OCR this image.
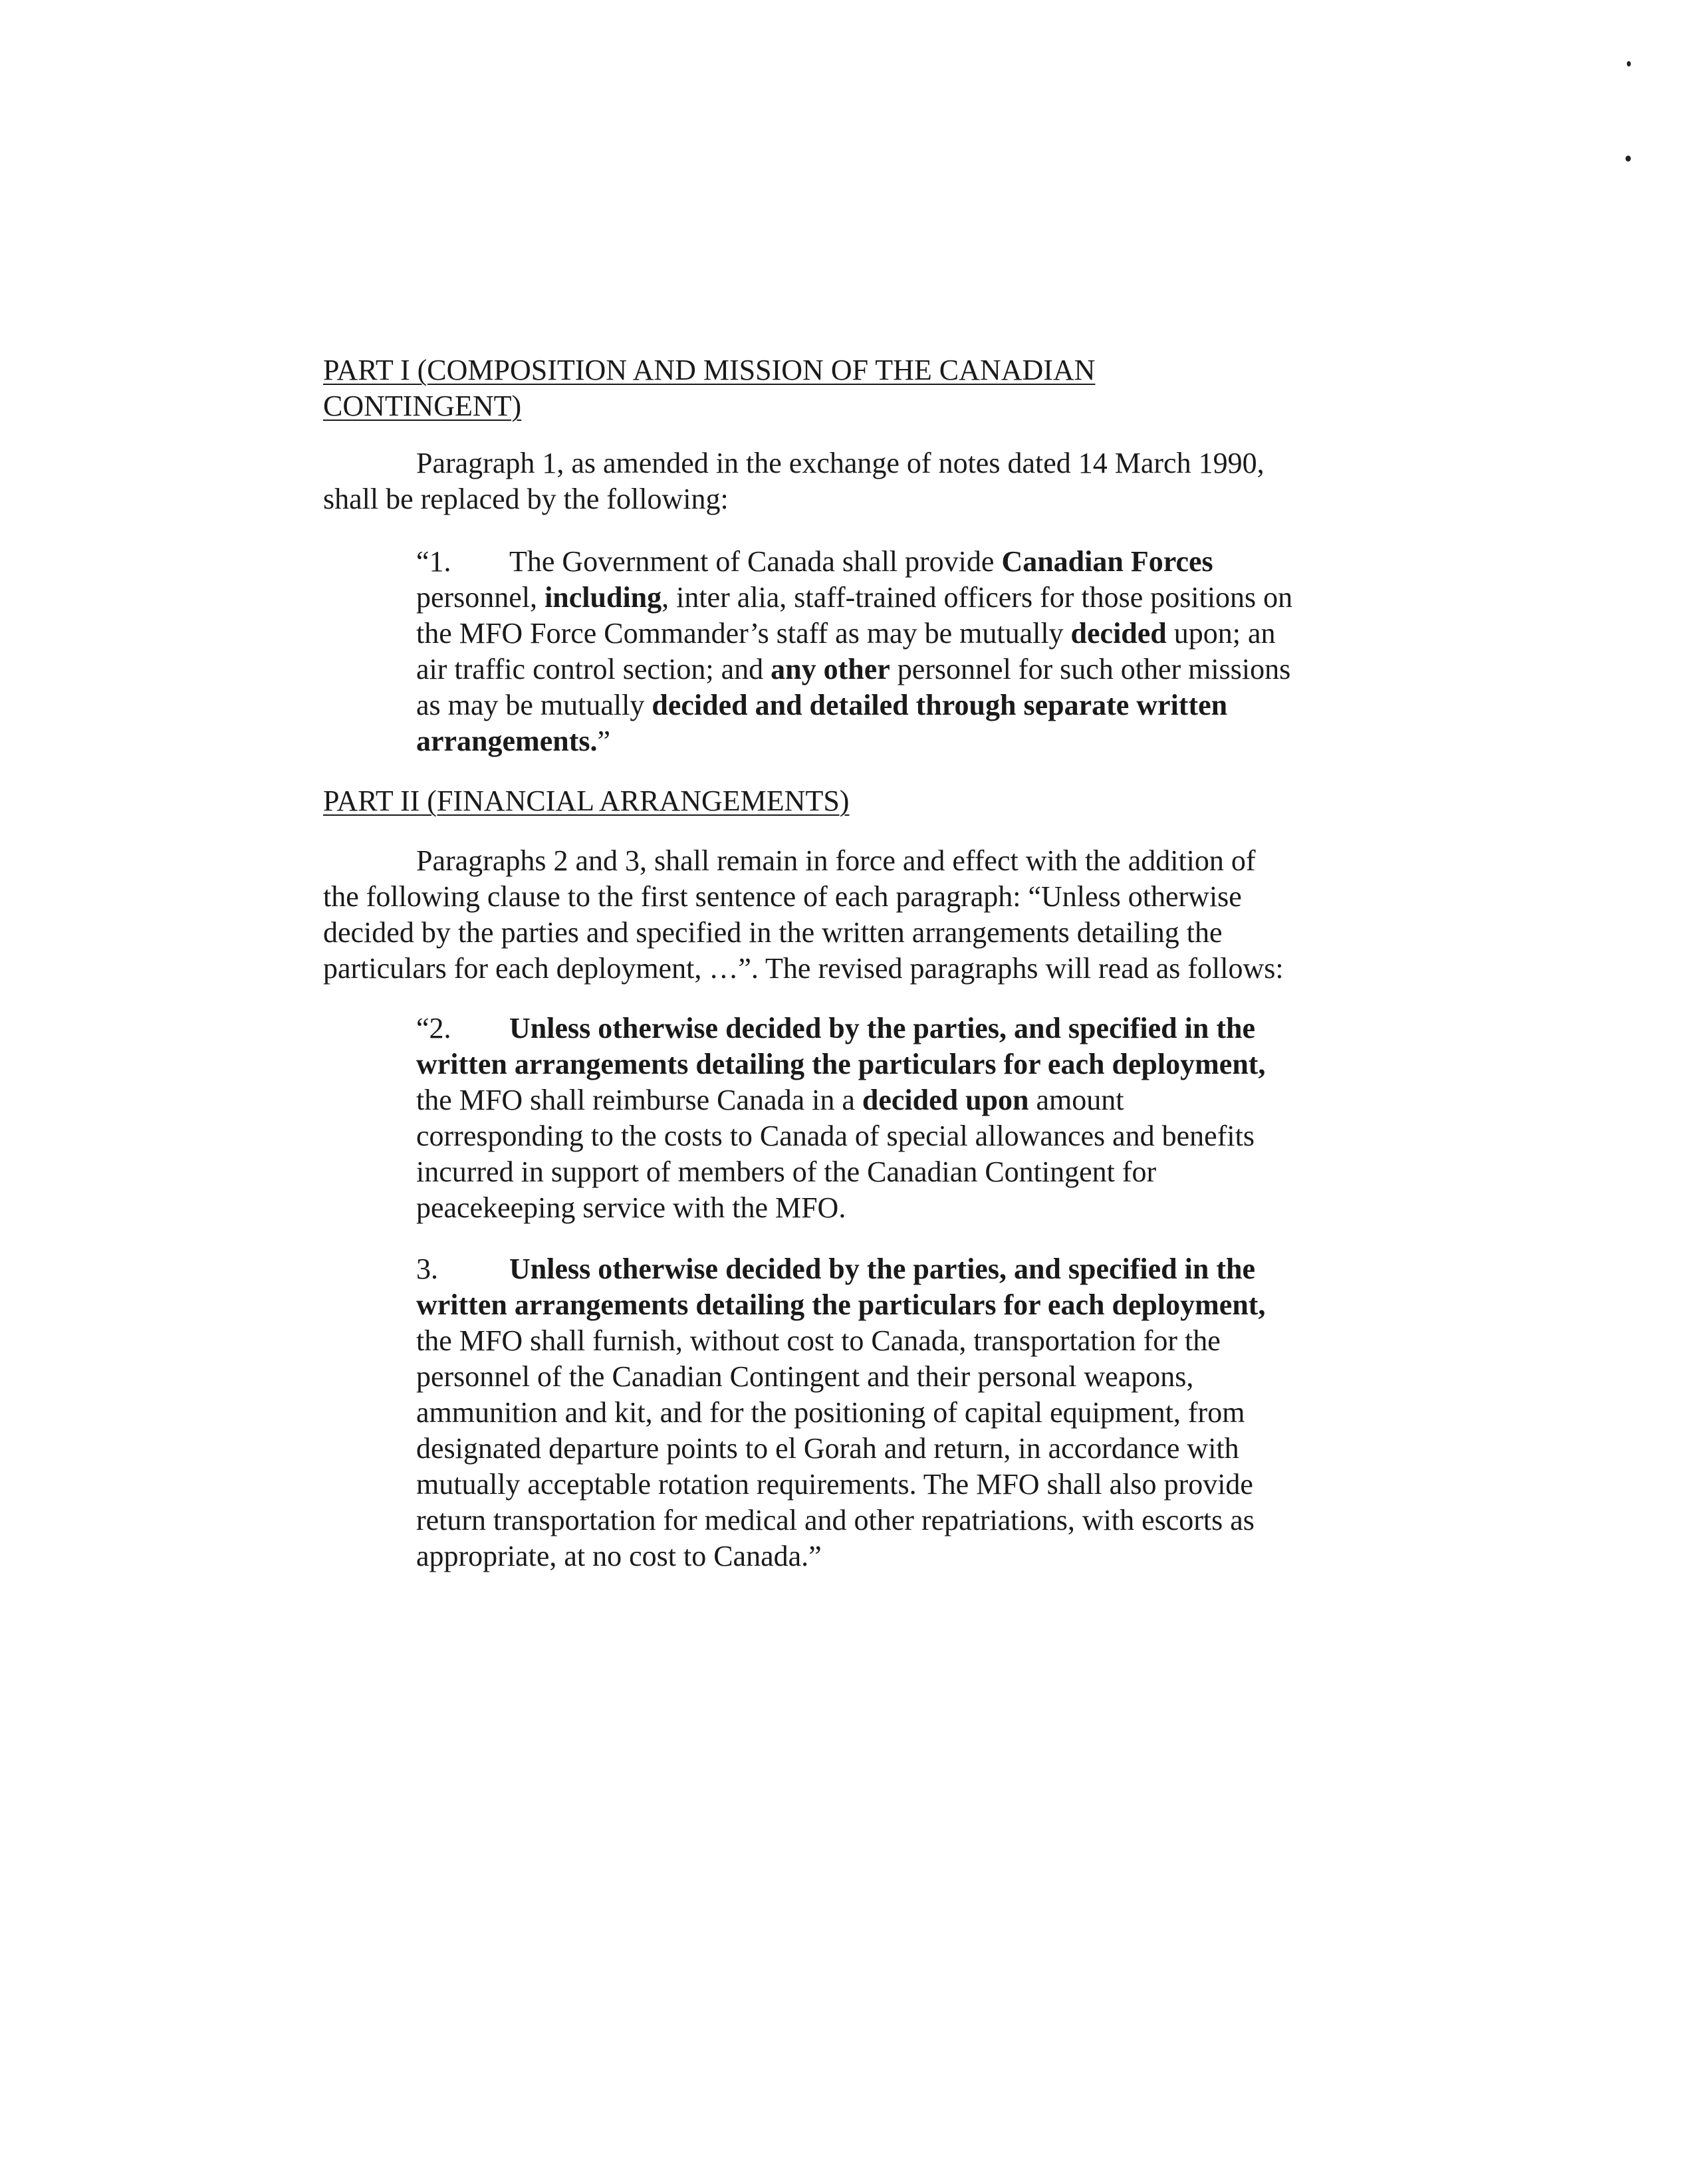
PART I (COMPOSITION AND MISSION OF THE CANADIAN
CONTINGENT)

Paragraph 1, as amended in the exchange of notes dated 14 March 1990,
shall be replaced by the following:

“1. The Government of Canada shall provide Canadian Forces
personnel, including, inter alia, staff-trained officers for those positions on
the MFO Force Commander’s staff as may be mutually decided upon; an
air traffic control section; and any other personnel for such other missions
as may be mutually decided and detailed through separate written
arrangements.”
PART II (FINANCIAL ARRANGEMENTS)

Paragraphs 2 and 3, shall remain in force and effect with the addition of
the following clause to the first sentence of each paragraph: “Unless otherwise
decided by the parties and specified in the written arrangements detailing the
particulars for each deployment, …”. The revised paragraphs will read as follows:

“2. Unless otherwise decided by the parties, and specified in the
written arrangements detailing the particulars for each deployment,
the MFO shall reimburse Canada in a decided upon amount
corresponding to the costs to Canada of special allowances and benefits
incurred in support of members of the Canadian Contingent for
peacekeeping service with the MFO.
3. Unless otherwise decided by the parties, and specified in the
written arrangements detailing the particulars for each deployment,
the MFO shall furnish, without cost to Canada, transportation for the
personnel of the Canadian Contingent and their personal weapons,
ammunition and kit, and for the positioning of capital equipment, from
designated departure points to el Gorah and return, in accordance with
mutually acceptable rotation requirements. The MFO shall also provide
return transportation for medical and other repatriations, with escorts as
appropriate, at no cost to Canada.”
